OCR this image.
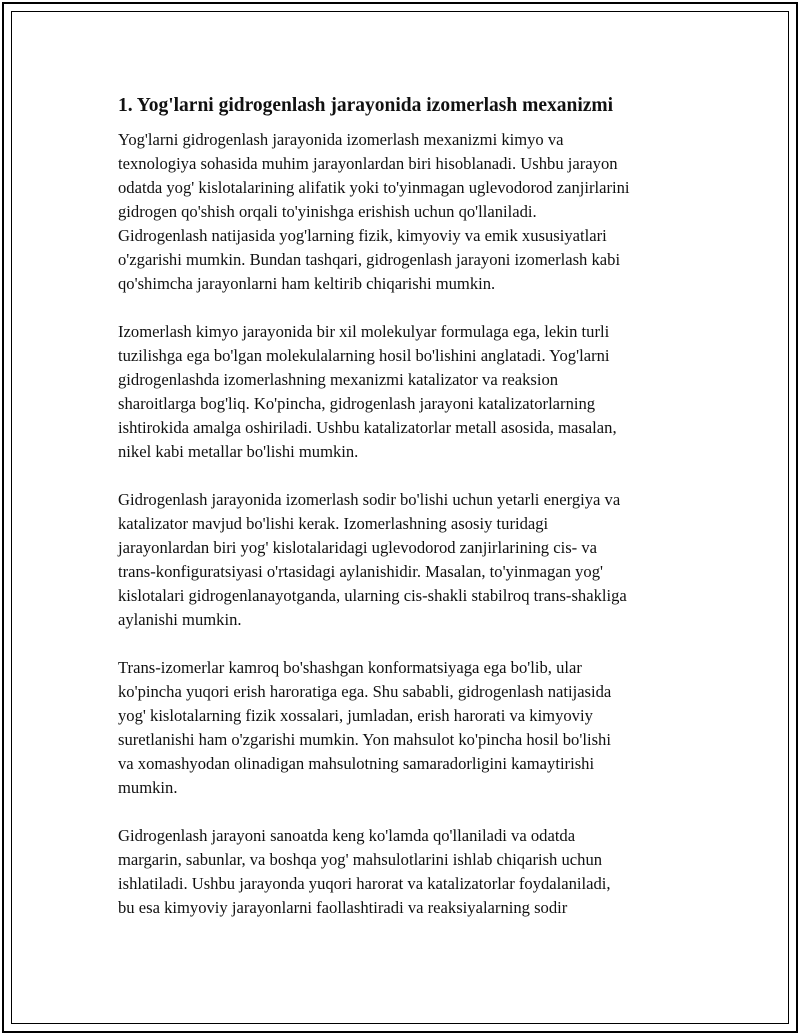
1. Yog'larni gidrogenlash jarayonida izomerlash mexanizmi

Yog'larni gidrogenlash jarayonida izomerlash mexanizmi kimyo va
texnologiya sohasida muhim jarayonlardan biri hisoblanadi. Ushbu jarayon
odatda yog' kislotalarining alifatik yoki to'yinmagan uglevodorod zanjirlarini
gidrogen qo'shish orqali to'yinishga erishish uchun qo'llaniladi.
Gidrogenlash natijasida yog'larning fizik, kimyoviy va emik xususiyatlari
o'zgarishi mumkin. Bundan tashqari, gidrogenlash jarayoni izomerlash kabi
qo'shimcha jarayonlarni ham keltirib chiqarishi mumkin.

Izomerlash kimyo jarayonida bir xil molekulyar formulaga ega, lekin turli
tuzilishga ega bo'lgan molekulalarning hosil bo'lishini anglatadi. Yog'larni
gidrogenlashda izomerlashning mexanizmi katalizator va reaksion
sharoitlarga bog'liq. Ko'pincha, gidrogenlash jarayoni katalizatorlarning
ishtirokida amalga oshiriladi. Ushbu katalizatorlar metall asosida, masalan,
nikel kabi metallar bo'lishi mumkin.

Gidrogenlash jarayonida izomerlash sodir bo'lishi uchun yetarli energiya va
katalizator mavjud bo'lishi kerak. Izomerlashning asosiy turidagi
jarayonlardan biri yog' kislotalaridagi uglevodorod zanjirlarining cis- va
trans-konfiguratsiyasi o'rtasidagi aylanishidir. Masalan, to'yinmagan yog'
kislotalari gidrogenlanayotganda, ularning cis-shakli stabilroq trans-shakliga
aylanishi mumkin.

Trans-izomerlar kamroq bo'shashgan konformatsiyaga ega bo'lib, ular
ko'pincha yuqori erish haroratiga ega. Shu sababli, gidrogenlash natijasida
yog' kislotalarning fizik xossalari, jumladan, erish harorati va kimyoviy
suretlanishi ham o'zgarishi mumkin. Yon mahsulot ko'pincha hosil bo'lishi
va xomashyodan olinadigan mahsulotning samaradorligini kamaytirishi
mumkin.

Gidrogenlash jarayoni sanoatda keng ko'lamda qo'llaniladi va odatda
margarin, sabunlar, va boshqa yog' mahsulotlarini ishlab chiqarish uchun
ishlatiladi. Ushbu jarayonda yuqori harorat va katalizatorlar foydalaniladi,
bu esa kimyoviy jarayonlarni faollashtiradi va reaksiyalarning sodir
